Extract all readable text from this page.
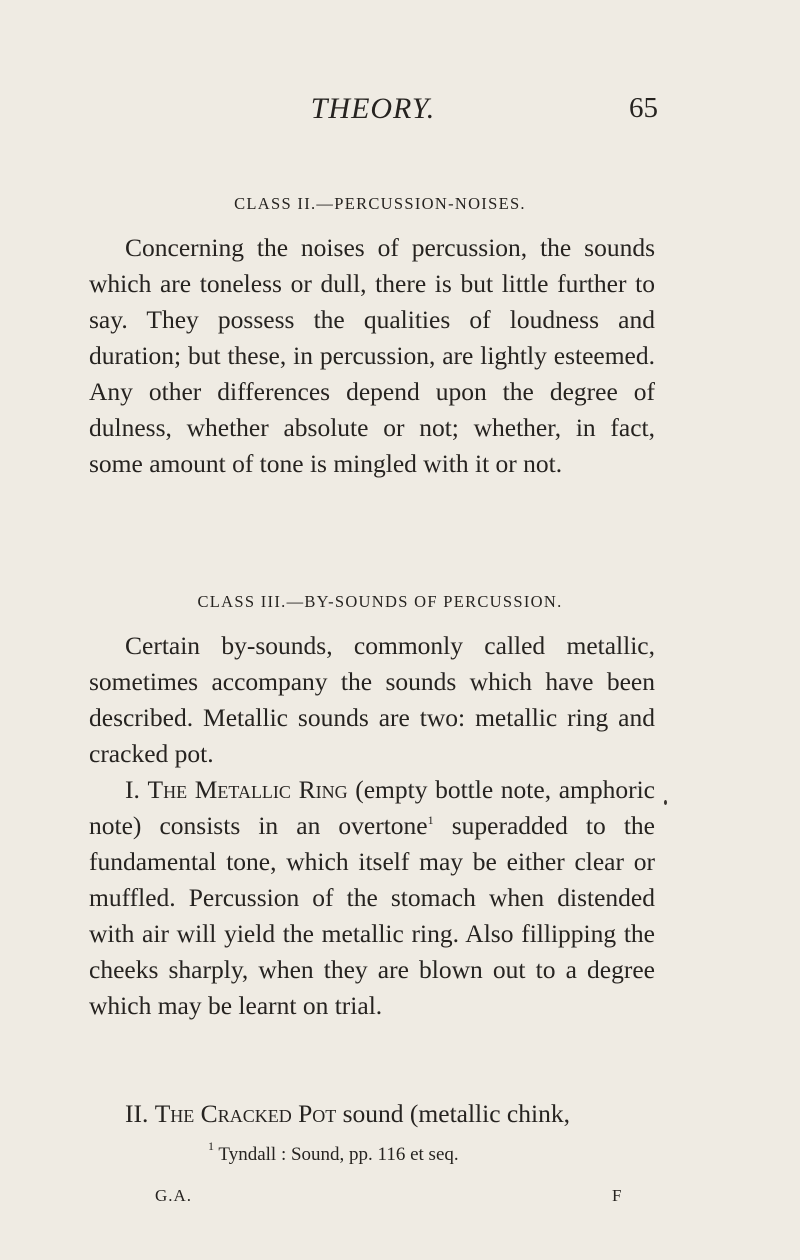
THEORY.	65
CLASS II.—PERCUSSION-NOISES.

Concerning the noises of percussion, the sounds which are toneless or dull, there is but little further to say. They possess the qualities of loudness and duration; but these, in percussion, are lightly esteemed. Any other differences depend upon the degree of dulness, whether absolute or not; whether, in fact, some amount of tone is mingled with it or not.

CLASS III.—BY-SOUNDS OF PERCUSSION.

Certain by-sounds, commonly called metallic, sometimes accompany the sounds which have been described. Metallic sounds are two: metallic ring and cracked pot.

I. The Metallic Ring (empty bottle note, amphoric note) consists in an overtone$^1$ superadded to the fundamental tone, which itself may be either clear or muffled. Percussion of the stomach when distended with air will yield the metallic ring. Also fillipping the cheeks sharply, when they are blown out to a degree which may be learnt on trial.

II. The Cracked Pot sound (metallic chink,

$^1$ Tyndall : Sound, pp. 116 et seq.
G.A.	F
